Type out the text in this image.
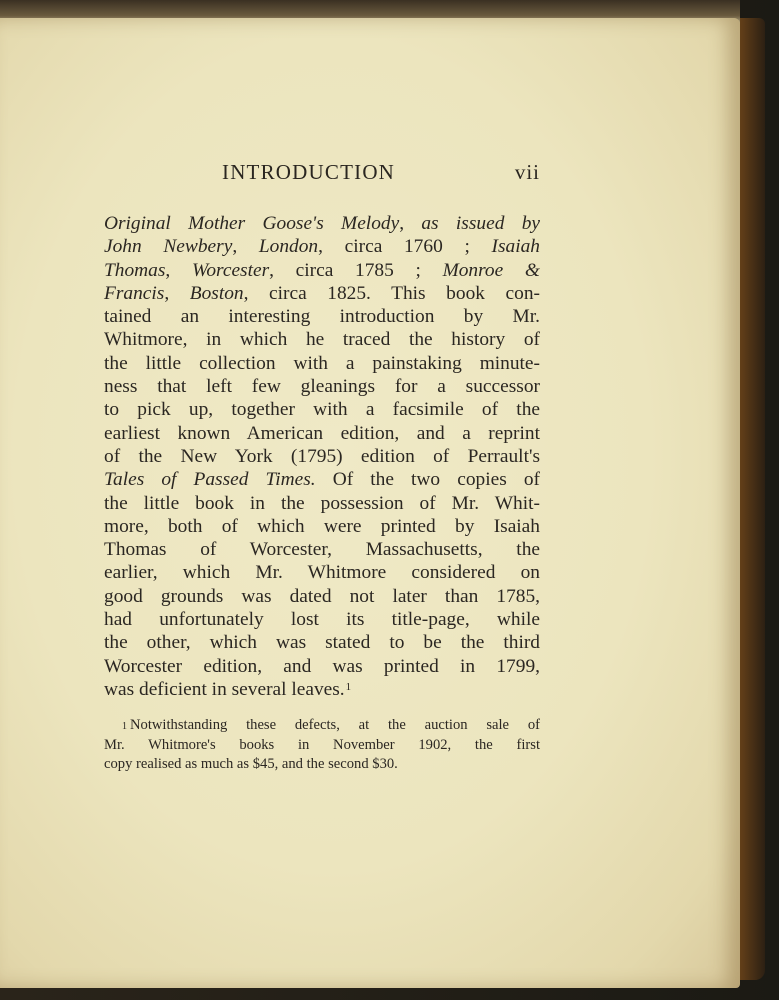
INTRODUCTION	vii
Original Mother Goose's Melody, as issued by
John Newbery, London, circa 1760 ; Isaiah
Thomas, Worcester, circa 1785 ; Monroe &
Francis, Boston, circa 1825. This book con-
tained an interesting introduction by Mr.
Whitmore, in which he traced the history of
the little collection with a painstaking minute-
ness that left few gleanings for a successor
to pick up, together with a facsimile of the
earliest known American edition, and a reprint
of the New York (1795) edition of Perrault's
Tales of Passed Times. Of the two copies of
the little book in the possession of Mr. Whit-
more, both of which were printed by Isaiah
Thomas of Worcester, Massachusetts, the
earlier, which Mr. Whitmore considered on
good grounds was dated not later than 1785,
had unfortunately lost its title-page, while
the other, which was stated to be the third
Worcester edition, and was printed in 1799,
was deficient in several leaves.$^1$
$^1$ Notwithstanding these defects, at the auction sale of
Mr. Whitmore's books in November 1902, the first
copy realised as much as $45, and the second $30.
